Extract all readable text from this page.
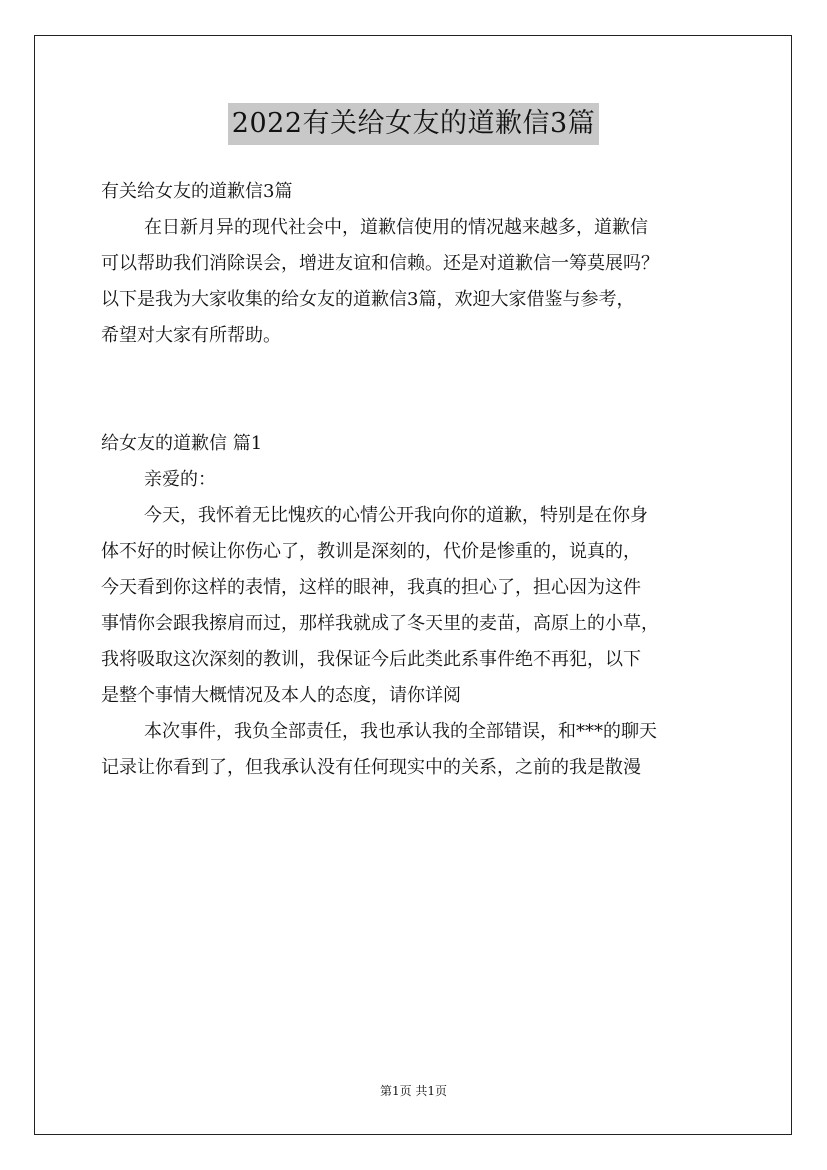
2022有关给女友的道歉信3篇
有关给女友的道歉信3篇
在日新月异的现代社会中，道歉信使用的情况越来越多，道歉信
可以帮助我们消除误会，增进友谊和信赖。还是对道歉信一筹莫展吗？
以下是我为大家收集的给女友的道歉信3篇，欢迎大家借鉴与参考，
希望对大家有所帮助。
给女友的道歉信 篇1
亲爱的：
今天，我怀着无比愧疚的心情公开我向你的道歉，特别是在你身
体不好的时候让你伤心了，教训是深刻的，代价是惨重的，说真的，
今天看到你这样的表情，这样的眼神，我真的担心了，担心因为这件
事情你会跟我擦肩而过，那样我就成了冬天里的麦苗，高原上的小草，
我将吸取这次深刻的教训，我保证今后此类此系事件绝不再犯，以下
是整个事情大概情况及本人的态度，请你详阅
本次事件，我负全部责任，我也承认我的全部错误，和***的聊天
记录让你看到了，但我承认没有任何现实中的关系，之前的我是散漫
第1页 共1页
